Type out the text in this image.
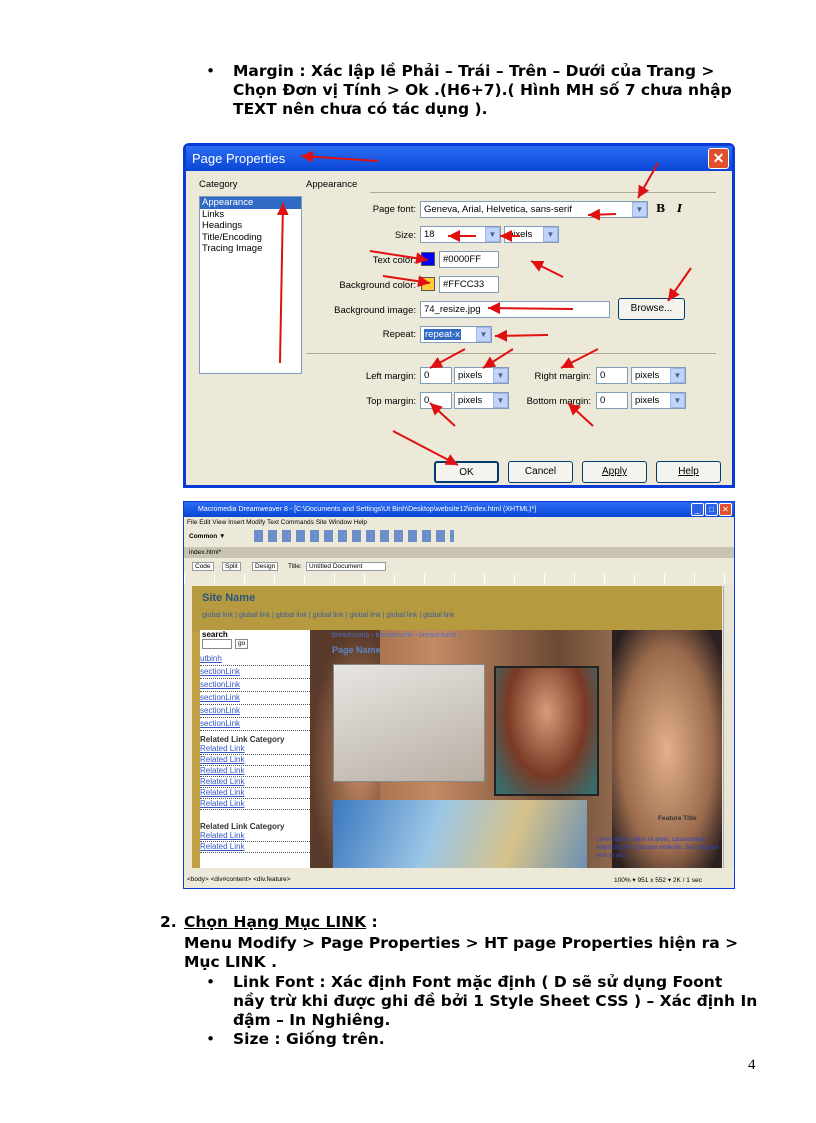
• Margin : Xác lập lề Phải – Trái – Trên – Dưới của Trang > Chọn Đơn vị Tính > Ok .(H6+7).( Hình MH số 7 chưa nhập TEXT nên chưa có tác dụng ).
Page Properties	✕
Category	Appearance
Appearance
Links
Headings
Title/Encoding
Tracing Image
Page font: Geneva, Arial, Helvetica, sans-serif	▼	B I
Size: 18	▼	pixels	▼
Text color:	#0000FF
Background color:	#FFCC33
Background image: 74_resize.jpg	Browse...
Repeat: repeat-x	▼
Left margin: 0	pixels	▼	Right margin: 0	pixels	▼
Top margin: 0	pixels	▼	Bottom margin: 0	pixels	▼
OK	Cancel	Apply	Help
Macromedia Dreamweaver 8 - [C:\Documents and Settings\Ut Binh\Desktop\website12\index.html (XHTML)*]	_	□	✕
File Edit View Insert Modify Text Commands Site Window Help
Common ▼
index.html*
Code	Split	Design	Title:	Untitled Document
Site Name
global link | global link | global link | global link | global link | global link | global link
search
go
utbinh
sectionLink
sectionLink
sectionLink
sectionLink
sectionLink
Related Link Category
Related Link
Related Link
Related Link
Related Link
Related Link
Related Link
Related Link Category
Related Link
Related Link
breadcrumb › breadcrumb › breadcrumb ›
Page Name
Feature Title
Lorem ipsum dolor sit amet, consectetuer adipiscing elit. Quisque molestie. Sed aliquam sem ut arcu.
<body> <div#content> <div.feature>	100% ▾ 951 x 552 ▾ 2K / 1 sec
2. Chọn Hạng Mục LINK :
Menu Modify > Page Properties > HT page Properties hiện ra > Mục LINK .
• Link Font : Xác định Font mặc định ( D sẽ sử dụng Foont nầy trừ khi được ghi đề bởi 1 Style Sheet CSS ) – Xác định In đậm – In Nghiêng.
• Size : Giống trên.
4
